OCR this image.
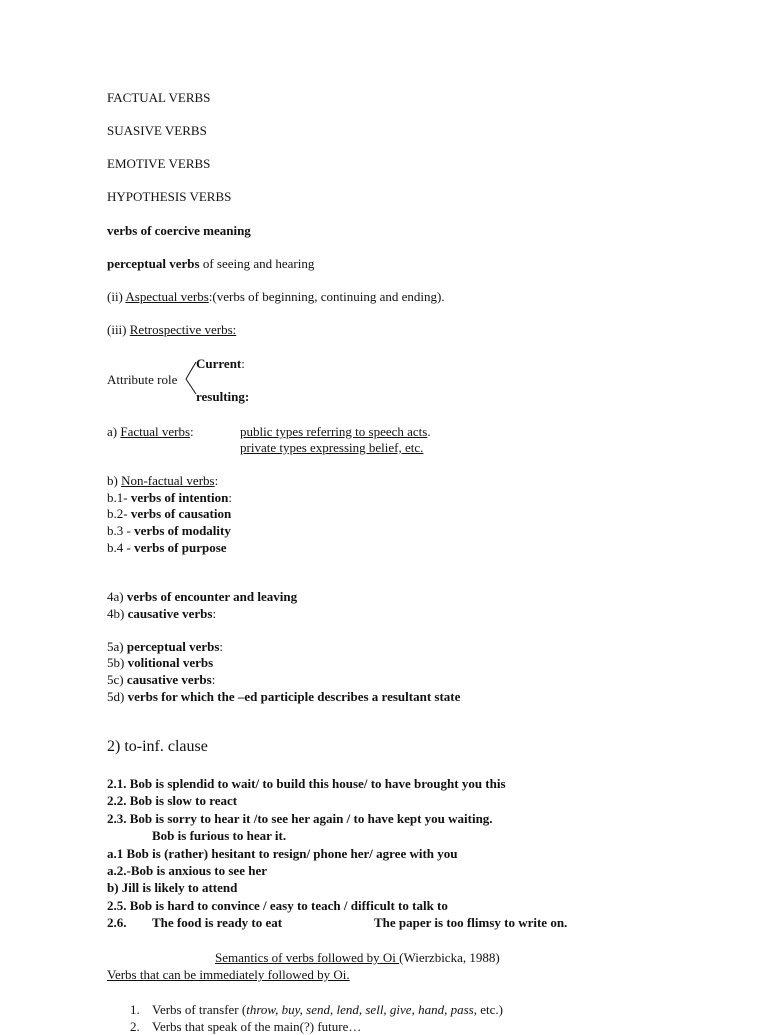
FACTUAL VERBS
SUASIVE VERBS
EMOTIVE VERBS
HYPOTHESIS VERBS
verbs of coercive meaning
perceptual verbs of seeing and hearing
(ii) Aspectual verbs:(verbs of beginning, continuing and ending).
(iii) Retrospective verbs:
Attribute role
Current:
resulting:
a) Factual verbs:	public types referring to speech acts.
private types expressing belief, etc.
b) Non-factual verbs:
b.1- verbs of intention:
b.2- verbs of causation
b.3 - verbs of modality
b.4 - verbs of purpose
4a) verbs of encounter and leaving
4b) causative verbs:
5a) perceptual verbs:
5b) volitional verbs
5c) causative verbs:
5d) verbs for which the –ed participle describes a resultant state
2) to-inf. clause
2.1. Bob is splendid to wait/ to build this house/ to have brought you this
2.2. Bob is slow to react
2.3. Bob is sorry to hear it /to see her again / to have kept you waiting.
Bob is furious to hear it.
a.1 Bob is (rather) hesitant to resign/ phone her/ agree with you
a.2.-Bob is anxious to see her
b) Jill is likely to attend
2.5. Bob is hard to convince / easy to teach / difficult to talk to
2.6. The food is ready to eat	The paper is too flimsy to write on.
Semantics of verbs followed by Oi (Wierzbicka, 1988)
Verbs that can be immediately followed by Oi.
1. Verbs of transfer (throw, buy, send, lend, sell, give, hand, pass, etc.)
2. Verbs that speak of the main(?) future…
